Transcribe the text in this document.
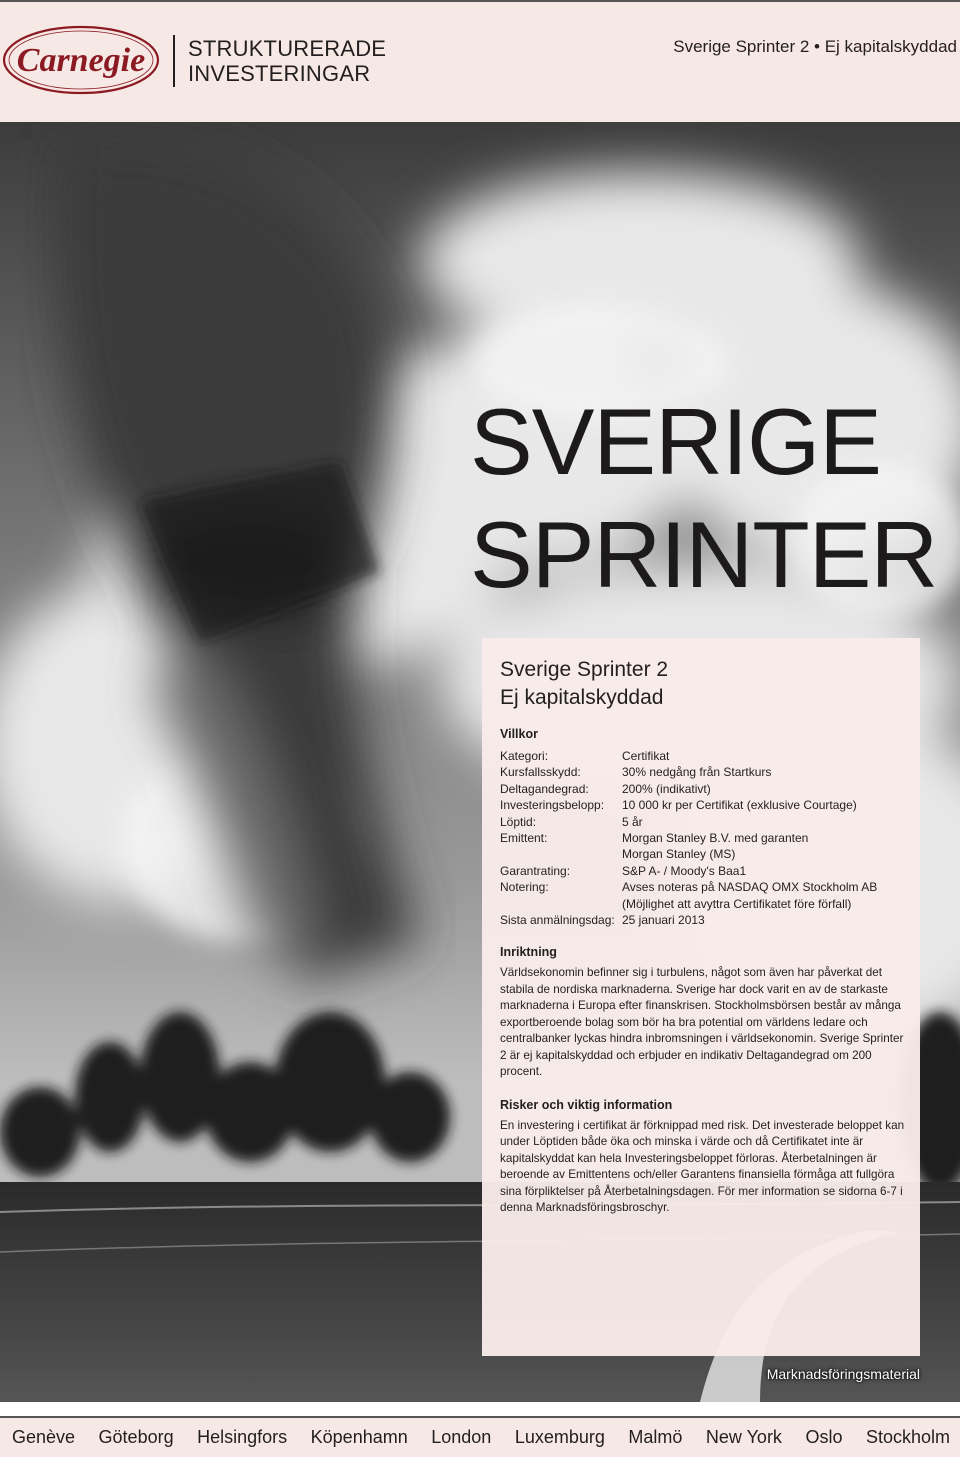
Carnegie STRUKTURERADE
INVESTERINGAR
Sverige Sprinter 2 • Ej kapitalskyddad
SVERIGE
SPRINTER
Sverige Sprinter 2
Ej kapitalskyddad
Villkor
Kategori:	Certifikat
Kursfallsskydd:	30% nedgång från Startkurs
Deltagandegrad:	200% (indikativt)
Investeringsbelopp:	10 000 kr per Certifikat (exklusive Courtage)
Löptid:	5 år
Emittent:	Morgan Stanley B.V. med garanten
Morgan Stanley (MS)
Garantrating:	S&P A- / Moody's Baa1
Notering:	Avses noteras på NASDAQ OMX Stockholm AB
(Möjlighet att avyttra Certifikatet före förfall)
Sista anmälningsdag: 25 januari 2013
Inriktning
Världsekonomin befinner sig i turbulens, något som även har påverkat det stabila de nordiska marknaderna. Sverige har dock varit en av de starkaste marknaderna i Europa efter finanskrisen. Stockholmsbörsen består av många exportberoende bolag som bör ha bra potential om världens ledare och centralbanker lyckas hindra inbromsningen i världsekonomin. Sverige Sprinter 2 är ej kapitalskyddad och erbjuder en indikativ Deltagandegrad om 200 procent.
Risker och viktig information
En investering i certifikat är förknippad med risk. Det investerade beloppet kan under Löptiden både öka och minska i värde och då Certifikatet inte är kapitalskyddat kan hela Investeringsbeloppet förloras. Återbetalningen är beroende av Emittentens och/eller Garantens finansiella förmåga att fullgöra sina förpliktelser på Återbetalningsdagen. För mer information se sidorna 6-7 i denna Marknadsföringsbroschyr.
Marknadsföringsmaterial
Genève Göteborg Helsingfors Köpenhamn London Luxemburg Malmö New York Oslo Stockholm
